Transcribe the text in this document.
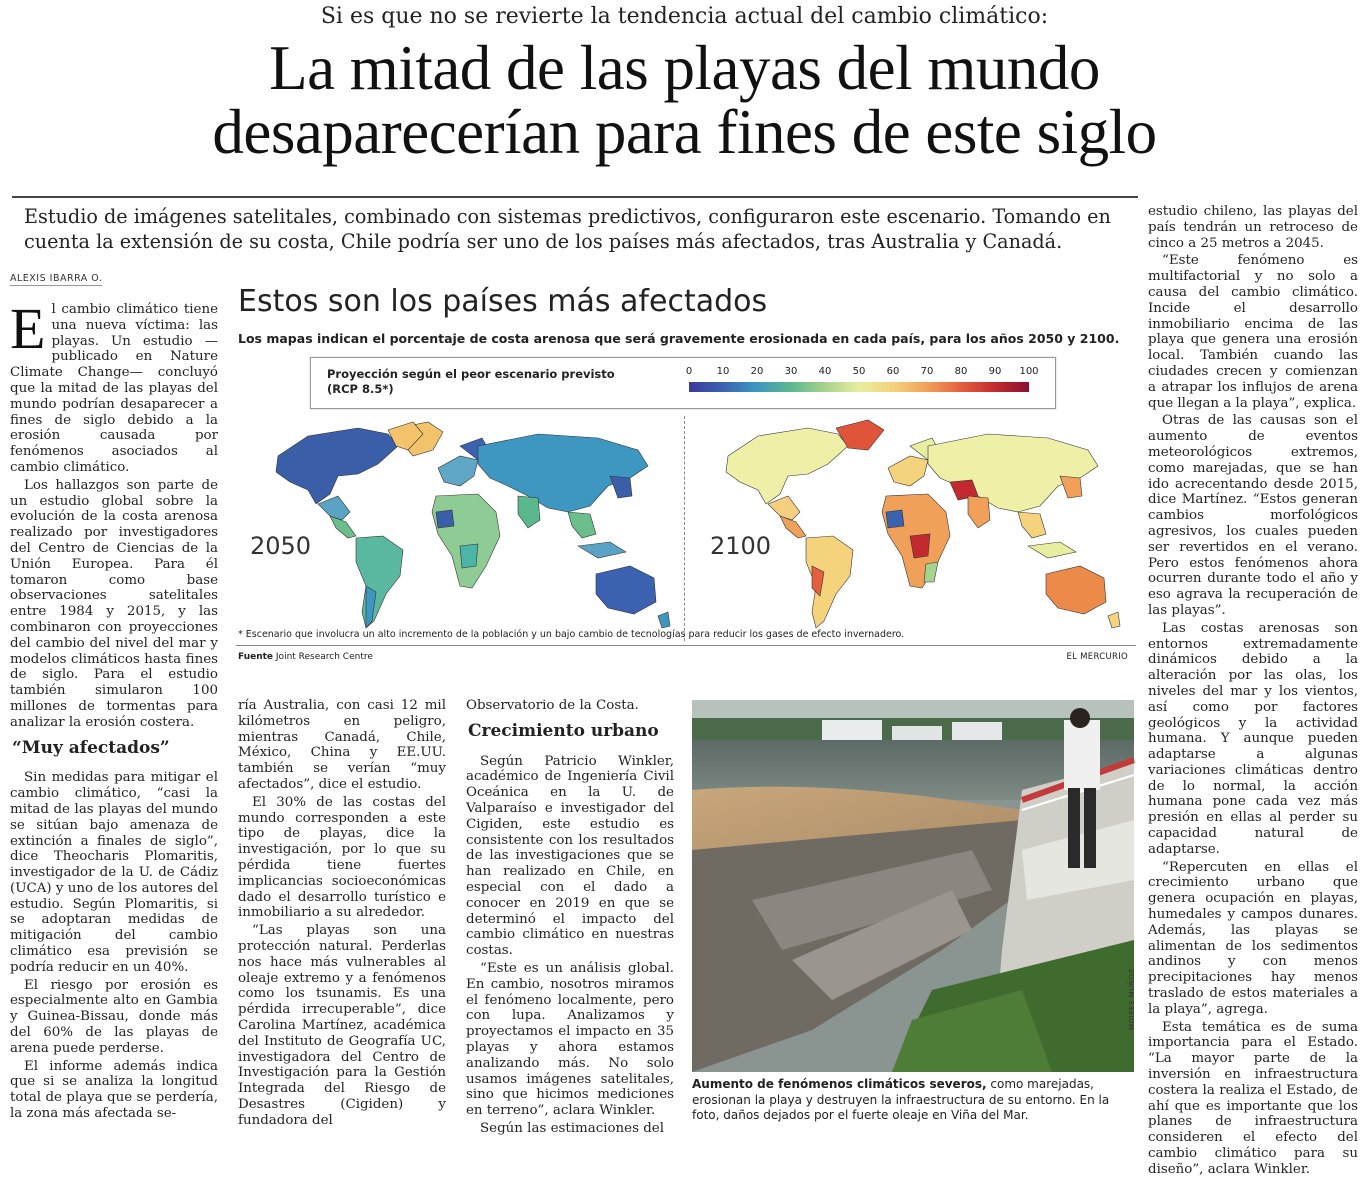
Si es que no se revierte la tendencia actual del cambio climático:
La mitad de las playas del mundo
desaparecerían para fines de este siglo
Estudio de imágenes satelitales, combinado con sistemas predictivos, configuraron este escenario. Tomando en cuenta la extensión de su costa, Chile podría ser uno de los países más afectados, tras Australia y Canadá.
ALEXIS IBARRA O.
E l cambio climático tiene una nueva víctima: las playas. Un estudio —publicado en Nature Climate Change— concluyó que la mitad de las playas del mundo podrían desaparecer a fines de siglo debido a la erosión causada por fenómenos asociados al cambio climático.

Los hallazgos son parte de un estudio global sobre la evolución de la costa arenosa realizado por investigadores del Centro de Ciencias de la Unión Europea. Para él tomaron como base observaciones satelitales entre 1984 y 2015, y las combinaron con proyecciones del cambio del nivel del mar y modelos climáticos hasta fines de siglo. Para el estudio también simularon 100 millones de tormentas para analizar la erosión costera.

“Muy afectados”

Sin medidas para mitigar el cambio climático, “casi la mitad de las playas del mundo se sitúan bajo amenaza de extinción a finales de siglo”, dice Theocharis Plomaritis, investigador de la U. de Cádiz (UCA) y uno de los autores del estudio. Según Plomaritis, si se adoptaran medidas de mitigación del cambio climático esa previsión se podría reducir en un 40%.

El riesgo por erosión es especialmente alto en Gambia y Guinea-Bissau, donde más del 60% de las playas de arena puede perderse.

El informe además indica que si se analiza la longitud total de playa que se perdería, la zona más afectada se-

Estos son los países más afectados
Los mapas indican el porcentaje de costa arenosa que será gravemente erosionada en cada país, para los años 2050 y 2100.
Proyección según el peor escenario previsto
(RCP 8.5*)
0 10 20 30 40 50 60 70 80 90 100
2050	2100
* Escenario que involucra un alto incremento de la población y un bajo cambio de tecnologías para reducir los gases de efecto invernadero.
Fuente Joint Research Centre	EL MERCURIO

ría Australia, con casi 12 mil kilómetros en peligro, mientras Canadá, Chile, México, China y EE.UU. también se verían “muy afectados”, dice el estudio.

El 30% de las costas del mundo corresponden a este tipo de playas, dice la investigación, por lo que su pérdida tiene fuertes implicancias socioeconómicas dado el desarrollo turístico e inmobiliario a su alrededor.

“Las playas son una protección natural. Perderlas nos hace más vulnerables al oleaje extremo y a fenómenos como los tsunamis. Es una pérdida irrecuperable”, dice Carolina Martínez, académica del Instituto de Geografía UC, investigadora del Centro de Investigación para la Gestión Integrada del Riesgo de Desastres (Cigiden) y fundadora del

Observatorio de la Costa.

Crecimiento urbano

Según Patricio Winkler, académico de Ingeniería Civil Oceánica en la U. de Valparaíso e investigador del Cigiden, este estudio es consistente con los resultados de las investigaciones que se han realizado en Chile, en especial con el dado a conocer en 2019 en que se determinó el impacto del cambio climático en nuestras costas.

“Este es un análisis global. En cambio, nosotros miramos el fenómeno localmente, pero con lupa. Analizamos y proyectamos el impacto en 35 playas y ahora estamos analizando más. No solo usamos imágenes satelitales, sino que hicimos mediciones en terreno”, aclara Winkler.

Según las estimaciones del

MOISÉS MUÑOZ
Aumento de fenómenos climáticos severos, como marejadas, erosionan la playa y destruyen la infraestructura de su entorno. En la foto, daños dejados por el fuerte oleaje en Viña del Mar.

estudio chileno, las playas del país tendrán un retroceso de cinco a 25 metros a 2045.

“Este fenómeno es multifactorial y no solo a causa del cambio climático. Incide el desarrollo inmobiliario encima de las playa que genera una erosión local. También cuando las ciudades crecen y comienzan a atrapar los influjos de arena que llegan a la playa”, explica.

Otras de las causas son el aumento de eventos meteorológicos extremos, como marejadas, que se han ido acrecentando desde 2015, dice Martínez. “Estos generan cambios morfológicos agresivos, los cuales pueden ser revertidos en el verano. Pero estos fenómenos ahora ocurren durante todo el año y eso agrava la recuperación de las playas”.

Las costas arenosas son entornos extremadamente dinámicos debido a la alteración por las olas, los niveles del mar y los vientos, así como por factores geológicos y la actividad humana. Y aunque pueden adaptarse a algunas variaciones climáticas dentro de lo normal, la acción humana pone cada vez más presión en ellas al perder su capacidad natural de adaptarse.

“Repercuten en ellas el crecimiento urbano que genera ocupación en playas, humedales y campos dunares. Además, las playas se alimentan de los sedimentos andinos y con menos precipitaciones hay menos traslado de estos materiales a la playa”, agrega.

Esta temática es de suma importancia para el Estado. “La mayor parte de la inversión en infraestructura costera la realiza el Estado, de ahí que es importante que los planes de infraestructura consideren el efecto del cambio climático para su diseño”, aclara Winkler.
